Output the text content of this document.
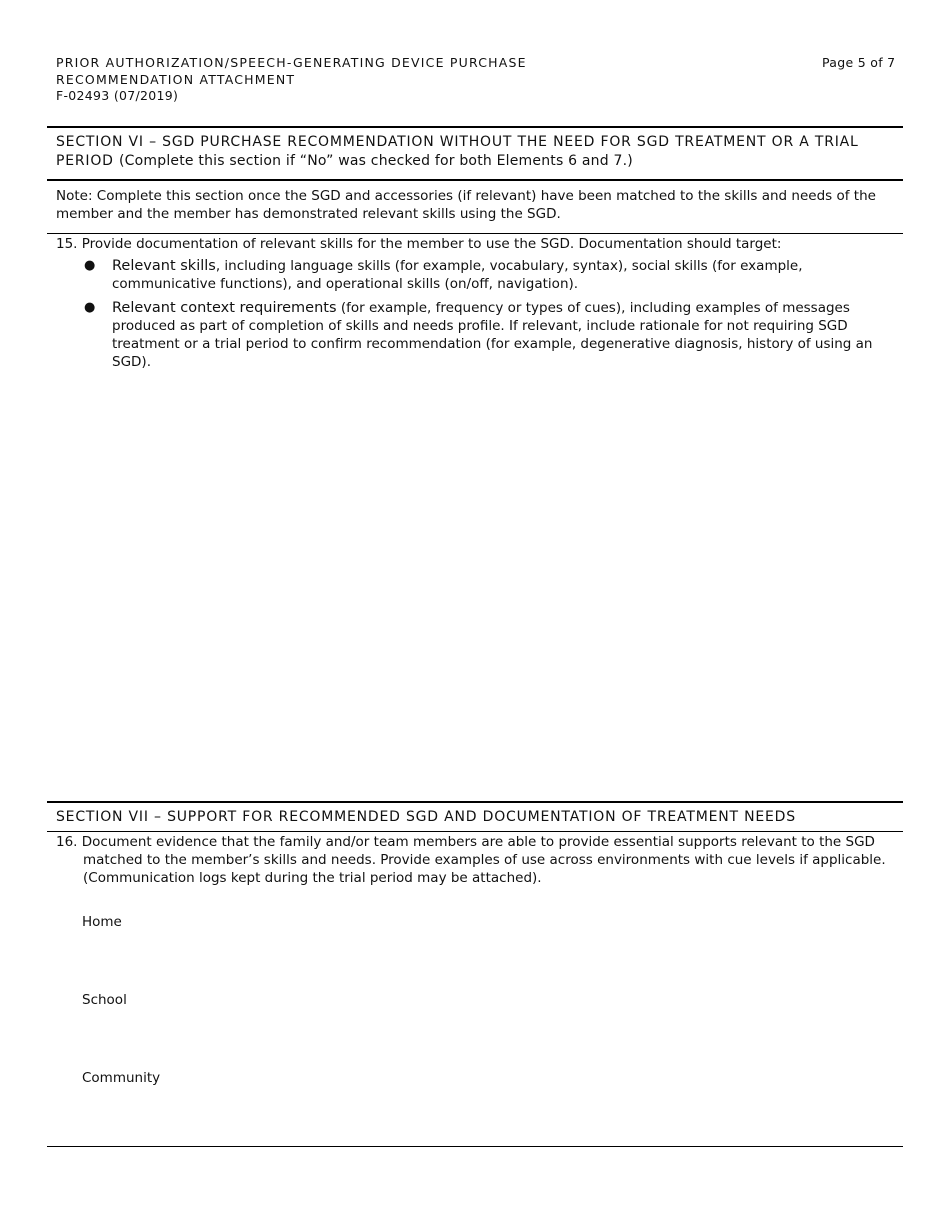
PRIOR AUTHORIZATION/SPEECH-GENERATING DEVICE PURCHASE
RECOMMENDATION ATTACHMENT
F-02493 (07/2019)
Page 5 of 7
SECTION VI – SGD PURCHASE RECOMMENDATION WITHOUT THE NEED FOR SGD TREATMENT OR A TRIAL PERIOD (Complete this section if “No” was checked for both Elements 6 and 7.)
Note: Complete this section once the SGD and accessories (if relevant) have been matched to the skills and needs of the member and the member has demonstrated relevant skills using the SGD.
15. Provide documentation of relevant skills for the member to use the SGD. Documentation should target:
● Relevant skills, including language skills (for example, vocabulary, syntax), social skills (for example, communicative functions), and operational skills (on/off, navigation).
● Relevant context requirements (for example, frequency or types of cues), including examples of messages produced as part of completion of skills and needs profile. If relevant, include rationale for not requiring SGD treatment or a trial period to confirm recommendation (for example, degenerative diagnosis, history of using an SGD).
SECTION VII – SUPPORT FOR RECOMMENDED SGD AND DOCUMENTATION OF TREATMENT NEEDS
16. Document evidence that the family and/or team members are able to provide essential supports relevant to the SGD matched to the member’s skills and needs. Provide examples of use across environments with cue levels if applicable. (Communication logs kept during the trial period may be attached).
Home
School
Community
